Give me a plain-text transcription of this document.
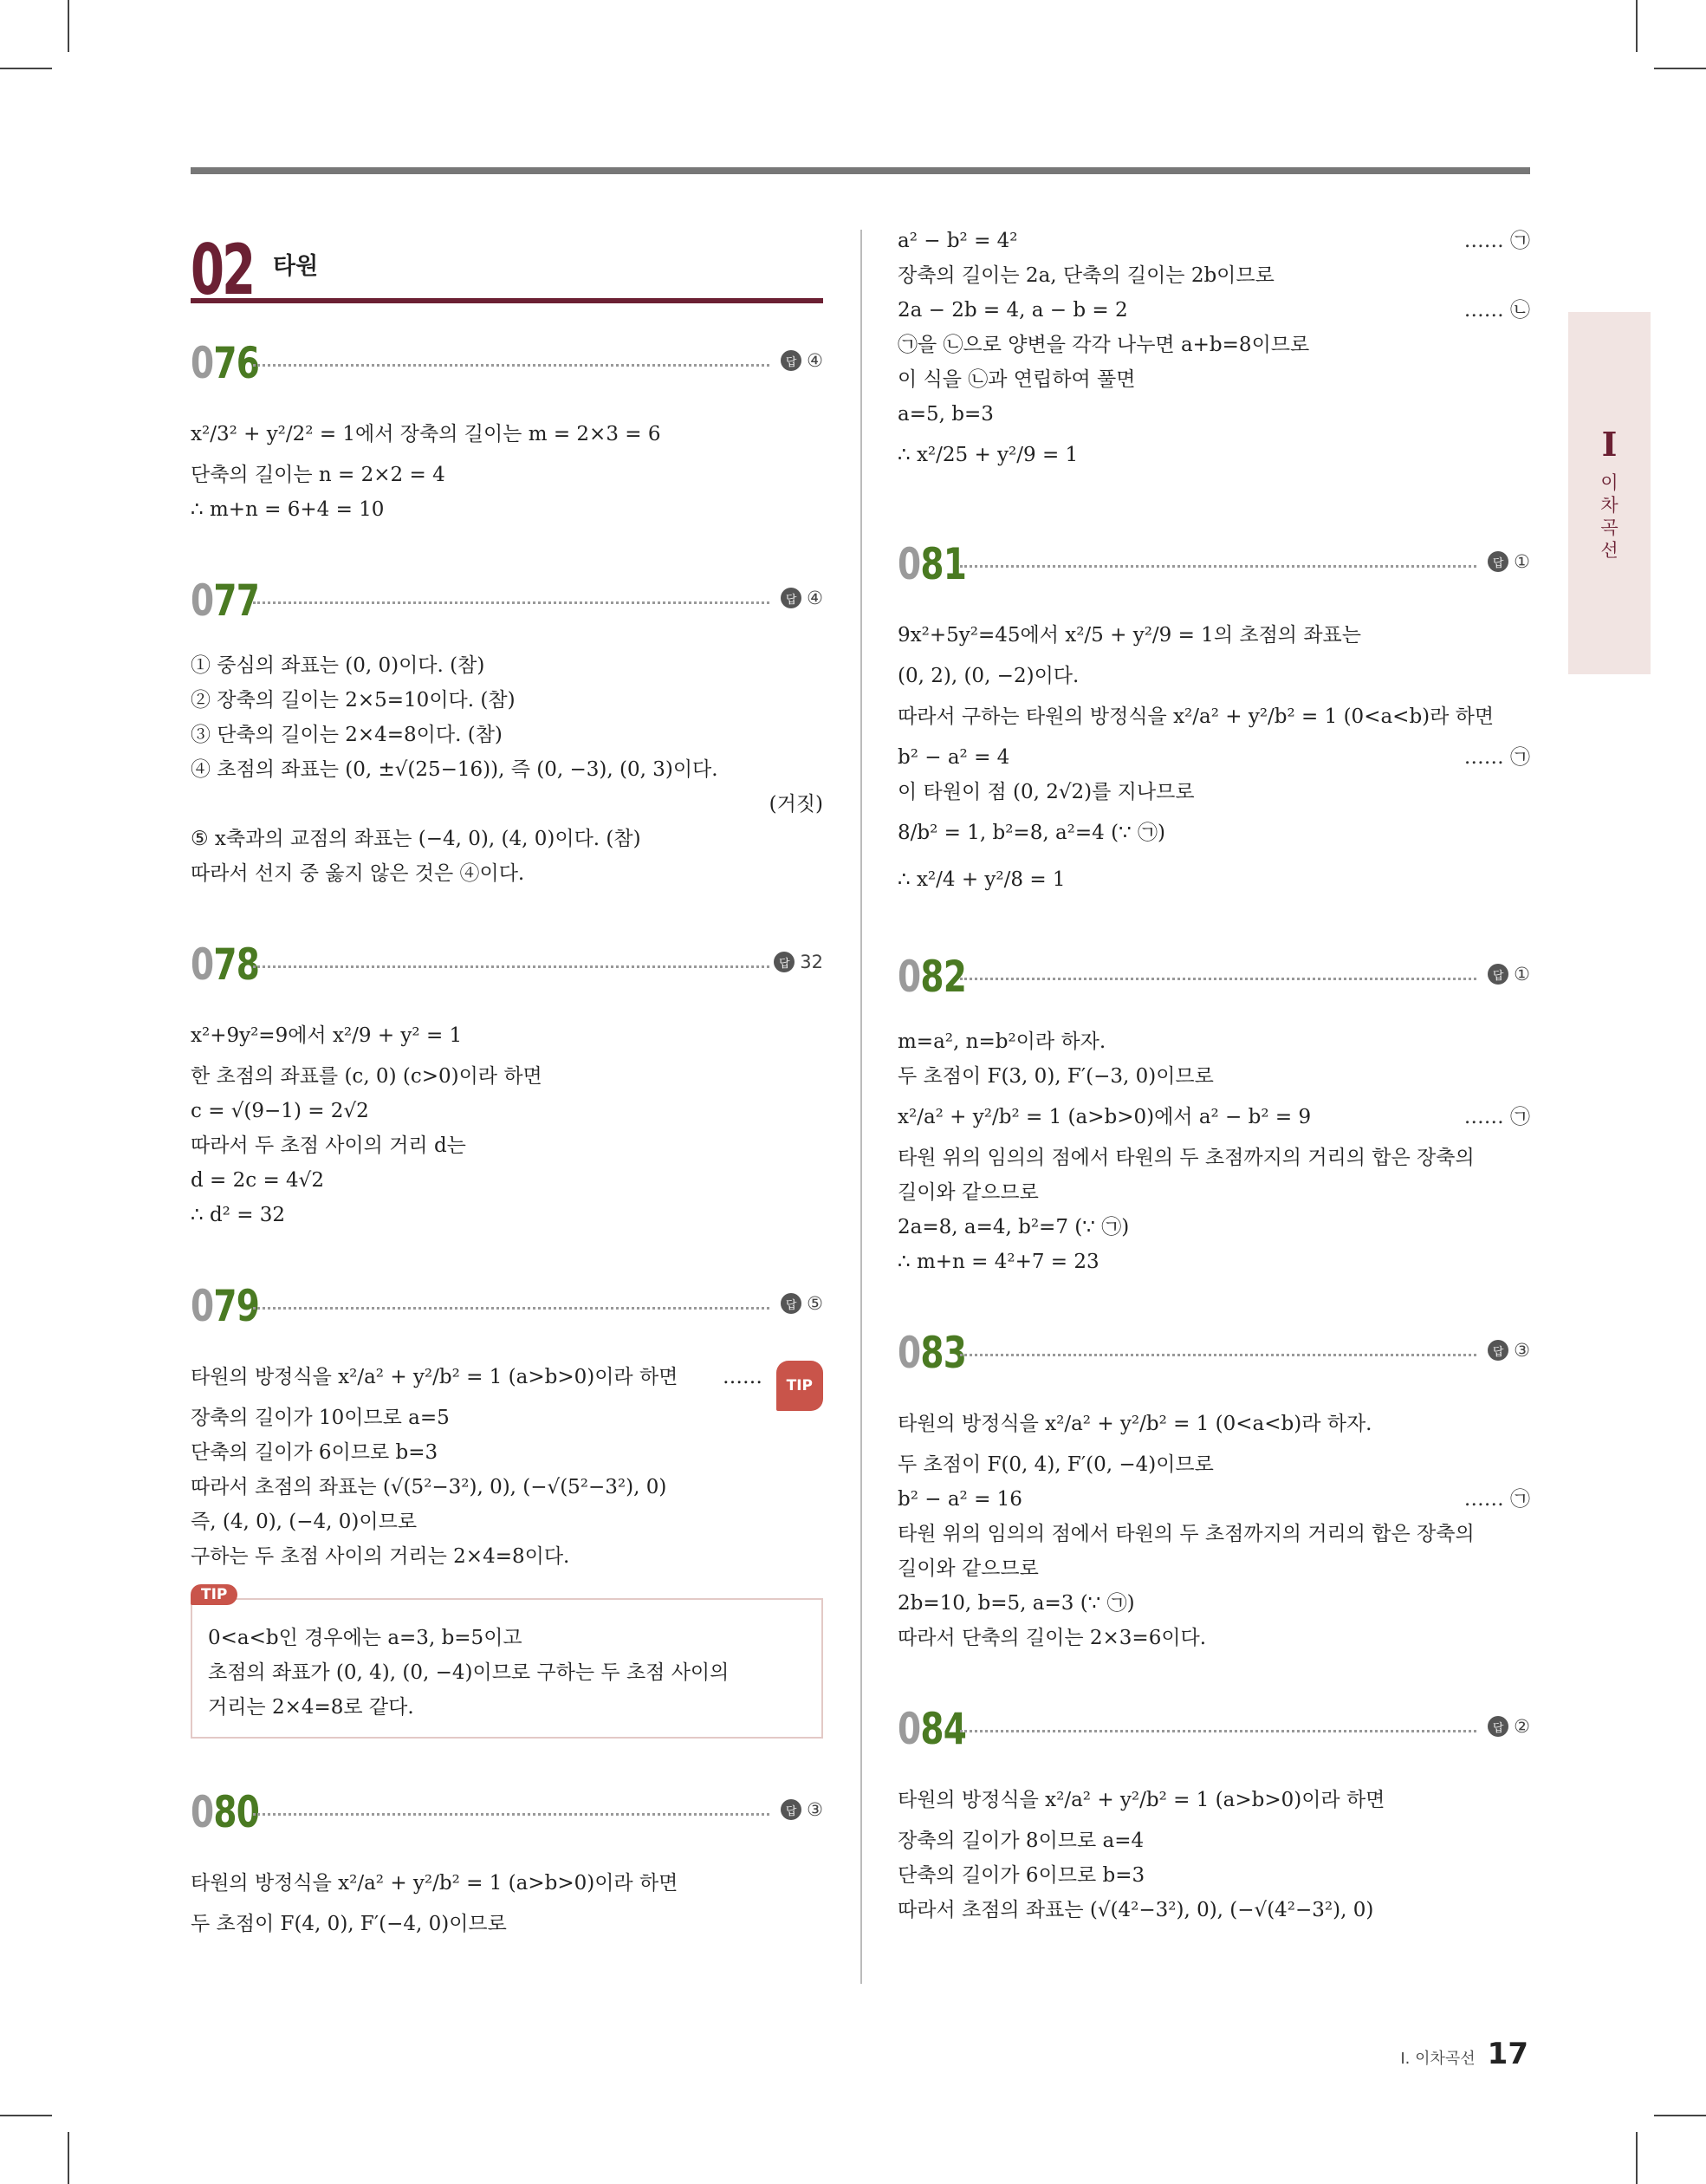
I
이
차
곡
선
02 타원
076	답 ④
x²/3² + y²/2² = 1에서 장축의 길이는 m = 2×3 = 6
단축의 길이는 n = 2×2 = 4
∴ m+n = 6+4 = 10
077	답 ④
① 중심의 좌표는 (0, 0)이다. (참)
② 장축의 길이는 2×5=10이다. (참)
③ 단축의 길이는 2×4=8이다. (참)
④ 초점의 좌표는 (0, ±√(25−16)), 즉 (0, −3), (0, 3)이다.
(거짓)
⑤ x축과의 교점의 좌표는 (−4, 0), (4, 0)이다. (참)
따라서 선지 중 옳지 않은 것은 ④이다.
078	답 32
x²+9y²=9에서 x²/9 + y² = 1
한 초점의 좌표를 (c, 0) (c>0)이라 하면
c = √(9−1) = 2√2
따라서 두 초점 사이의 거리 d는
d = 2c = 4√2
∴ d² = 32
079	답 ⑤
타원의 방정식을 x²/a² + y²/b² = 1 (a>b>0)이라 하면 ……	TIP
장축의 길이가 10이므로 a=5
단축의 길이가 6이므로 b=3
따라서 초점의 좌표는 (√(5²−3²), 0), (−√(5²−3²), 0)
즉, (4, 0), (−4, 0)이므로
구하는 두 초점 사이의 거리는 2×4=8이다.
TIP
0<a<b인 경우에는 a=3, b=5이고
초점의 좌표가 (0, 4), (0, −4)이므로 구하는 두 초점 사이의
거리는 2×4=8로 같다.
080	답 ③
타원의 방정식을 x²/a² + y²/b² = 1 (a>b>0)이라 하면
두 초점이 F(4, 0), F′(−4, 0)이므로
a² − b² = 4²	…… ㉠
장축의 길이는 2a, 단축의 길이는 2b이므로
2a − 2b = 4, a − b = 2	…… ㉡
㉠을 ㉡으로 양변을 각각 나누면 a+b=8이므로
이 식을 ㉡과 연립하여 풀면
a=5, b=3
∴ x²/25 + y²/9 = 1
081	답 ①
9x²+5y²=45에서 x²/5 + y²/9 = 1의 초점의 좌표는
(0, 2), (0, −2)이다.
따라서 구하는 타원의 방정식을 x²/a² + y²/b² = 1 (0<a<b)라 하면
b² − a² = 4	…… ㉠
이 타원이 점 (0, 2√2)를 지나므로
8/b² = 1, b²=8, a²=4 (∵ ㉠)
∴ x²/4 + y²/8 = 1
082	답 ①
m=a², n=b²이라 하자.
두 초점이 F(3, 0), F′(−3, 0)이므로
x²/a² + y²/b² = 1 (a>b>0)에서 a² − b² = 9	…… ㉠
타원 위의 임의의 점에서 타원의 두 초점까지의 거리의 합은 장축의
길이와 같으므로
2a=8, a=4, b²=7 (∵ ㉠)
∴ m+n = 4²+7 = 23
083	답 ③
타원의 방정식을 x²/a² + y²/b² = 1 (0<a<b)라 하자.
두 초점이 F(0, 4), F′(0, −4)이므로
b² − a² = 16	…… ㉠
타원 위의 임의의 점에서 타원의 두 초점까지의 거리의 합은 장축의
길이와 같으므로
2b=10, b=5, a=3 (∵ ㉠)
따라서 단축의 길이는 2×3=6이다.
084	답 ②
타원의 방정식을 x²/a² + y²/b² = 1 (a>b>0)이라 하면
장축의 길이가 8이므로 a=4
단축의 길이가 6이므로 b=3
따라서 초점의 좌표는 (√(4²−3²), 0), (−√(4²−3²), 0)
Ⅰ. 이차곡선 17
